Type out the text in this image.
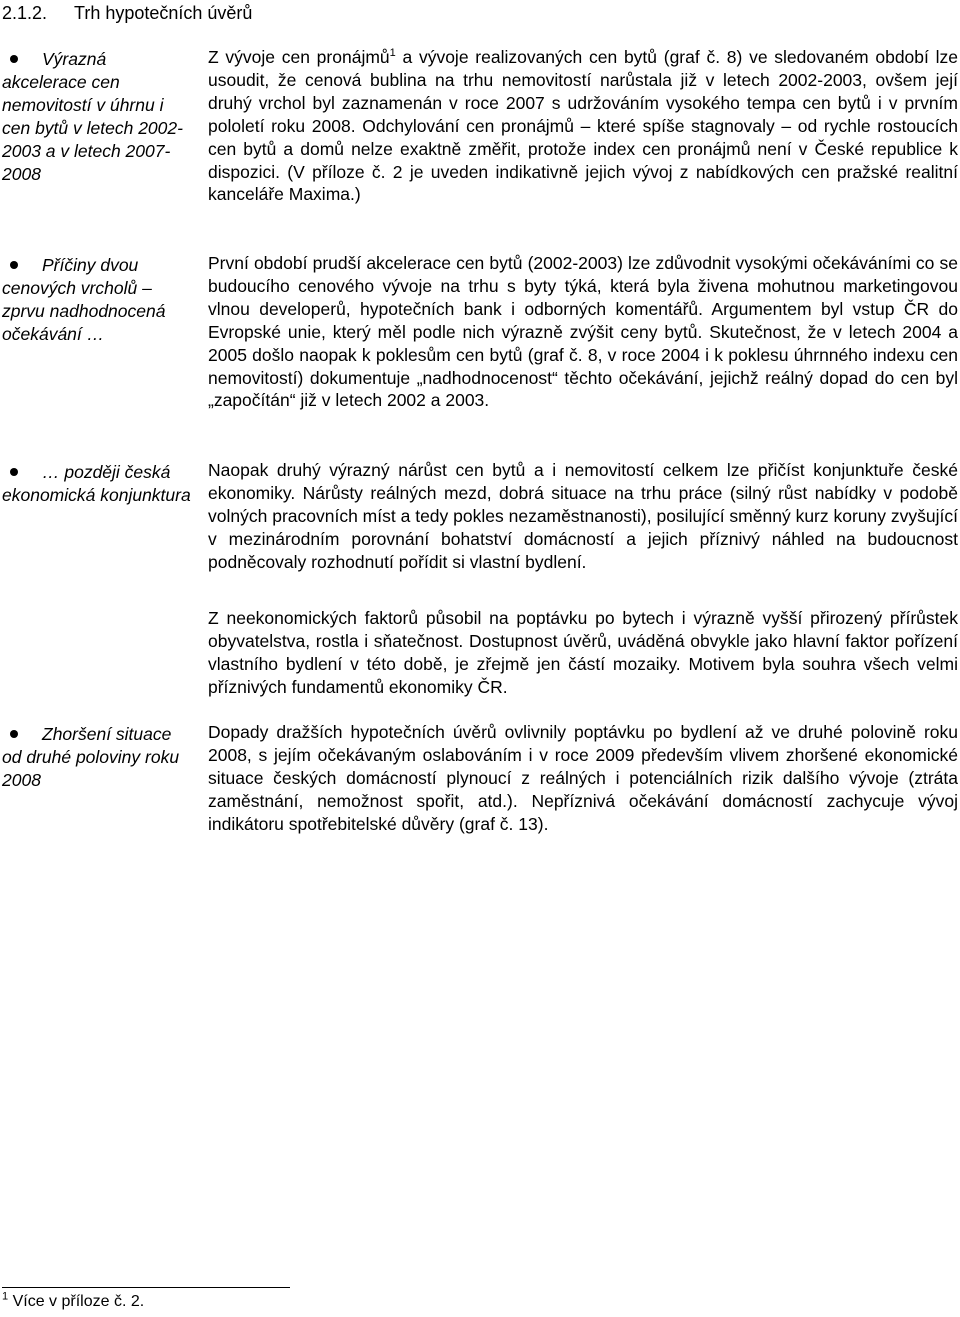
2.1.2. Trh hypotečních úvěrů
Výrazná akcelerace cen nemovitostí v úhrnu i cen bytů v letech 2002-2003 a v letech 2007-2008
Příčiny dvou cenových vrcholů – zprvu nadhodnocená očekávání …
… později česká ekonomická konjunktura
Zhoršení situace od druhé poloviny roku 2008

Z vývoje cen pronájmů$^1$ a vývoje realizovaných cen bytů (graf č. 8) ve sledovaném období lze usoudit, že cenová bublina na trhu nemovitostí narůstala již v letech 2002-2003, ovšem její druhý vrchol byl zaznamenán v roce 2007 s udržováním vysokého tempa cen bytů i v prvním pololetí roku 2008. Odchylování cen pronájmů – které spíše stagnovaly – od rychle rostoucích cen bytů a domů nelze exaktně změřit, protože index cen pronájmů není v České republice k dispozici. (V příloze č. 2 je uveden indikativně jejich vývoj z nabídkových cen pražské realitní kanceláře Maxima.)

První období prudší akcelerace cen bytů (2002-2003) lze zdůvodnit vysokými očekáváními co se budoucího cenového vývoje na trhu s byty týká, která byla živena mohutnou marketingovou vlnou developerů, hypotečních bank i odborných komentářů. Argumentem byl vstup ČR do Evropské unie, který měl podle nich výrazně zvýšit ceny bytů. Skutečnost, že v letech 2004 a 2005 došlo naopak k poklesům cen bytů (graf č. 8, v roce 2004 i k poklesu úhrnného indexu cen nemovitostí) dokumentuje „nadhodnocenost“ těchto očekávání, jejichž reálný dopad do cen byl „započítán“ již v letech 2002 a 2003.

Naopak druhý výrazný nárůst cen bytů a i nemovitostí celkem lze přičíst konjunktuře české ekonomiky. Nárůsty reálných mezd, dobrá situace na trhu práce (silný růst nabídky v podobě volných pracovních míst a tedy pokles nezaměstnanosti), posilující směnný kurz koruny zvyšující v mezinárodním porovnání bohatství domácností a jejich příznivý náhled na budoucnost podněcovaly rozhodnutí pořídit si vlastní bydlení.

Z neekonomických faktorů působil na poptávku po bytech i výrazně vyšší přirozený přírůstek obyvatelstva, rostla i sňatečnost. Dostupnost úvěrů, uváděná obvykle jako hlavní faktor pořízení vlastního bydlení v této době, je zřejmě jen částí mozaiky. Motivem byla souhra všech velmi příznivých fundamentů ekonomiky ČR.

Dopady dražších hypotečních úvěrů ovlivnily poptávku po bydlení až ve druhé polovině roku 2008, s jejím očekávaným oslabováním i v roce 2009 především vlivem zhoršené ekonomické situace českých domácností plynoucí z reálných i potenciálních rizik dalšího vývoje (ztráta zaměstnání, nemožnost spořit, atd.). Nepříznivá očekávání domácností zachycuje vývoj indikátoru spotřebitelské důvěry (graf č. 13).

$^1$ Více v příloze č. 2.
